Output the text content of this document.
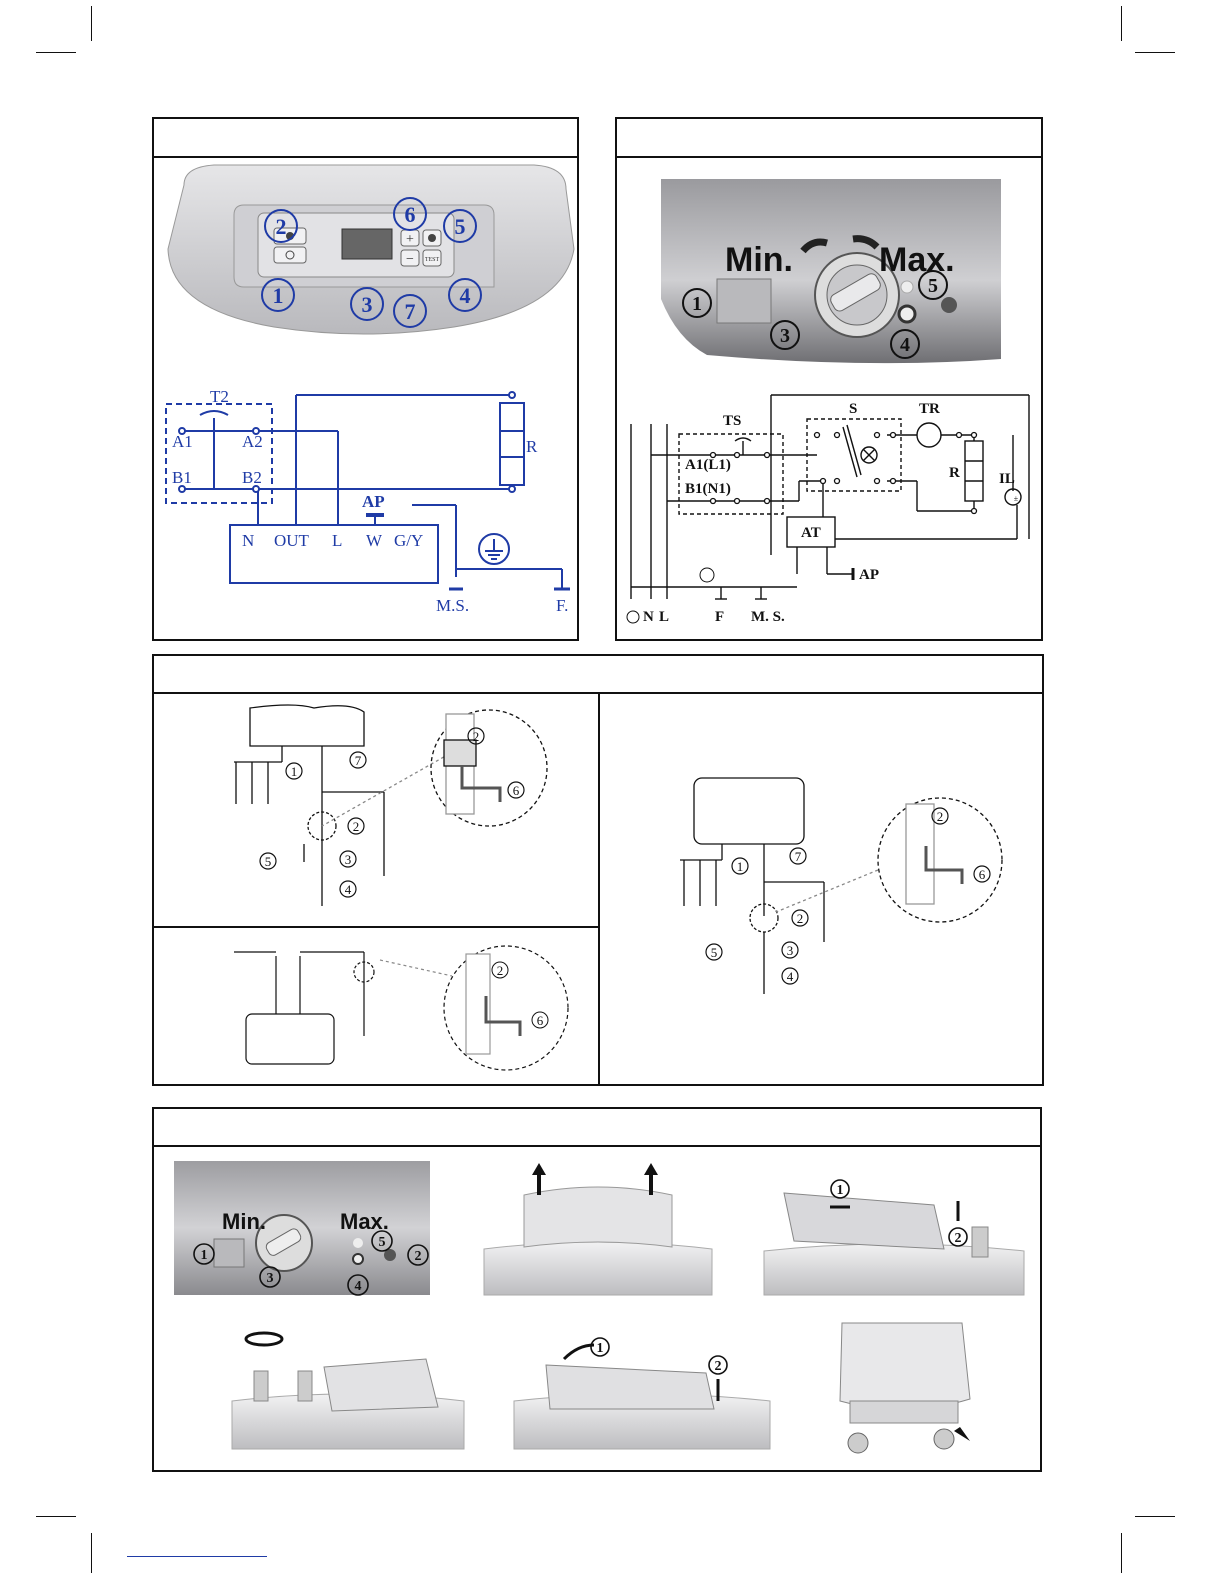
+
− TEST
2
1	3
6 5
4
7
T2
A1	A2
B1	B2
R
N OUT L W G/Y
AP
M.S.	F.
Min.	Max.
1
3	4
5
±
TS
A1(L1)
B1(N1)
S	TR
R	IL
AT
AP
N L	F M. S.
1
7
2
3
4
5
2
6
2
6
1
7
2
3
4
5
2
6
Min.	Max.
1
3
4
5
2
1
2
1
2
